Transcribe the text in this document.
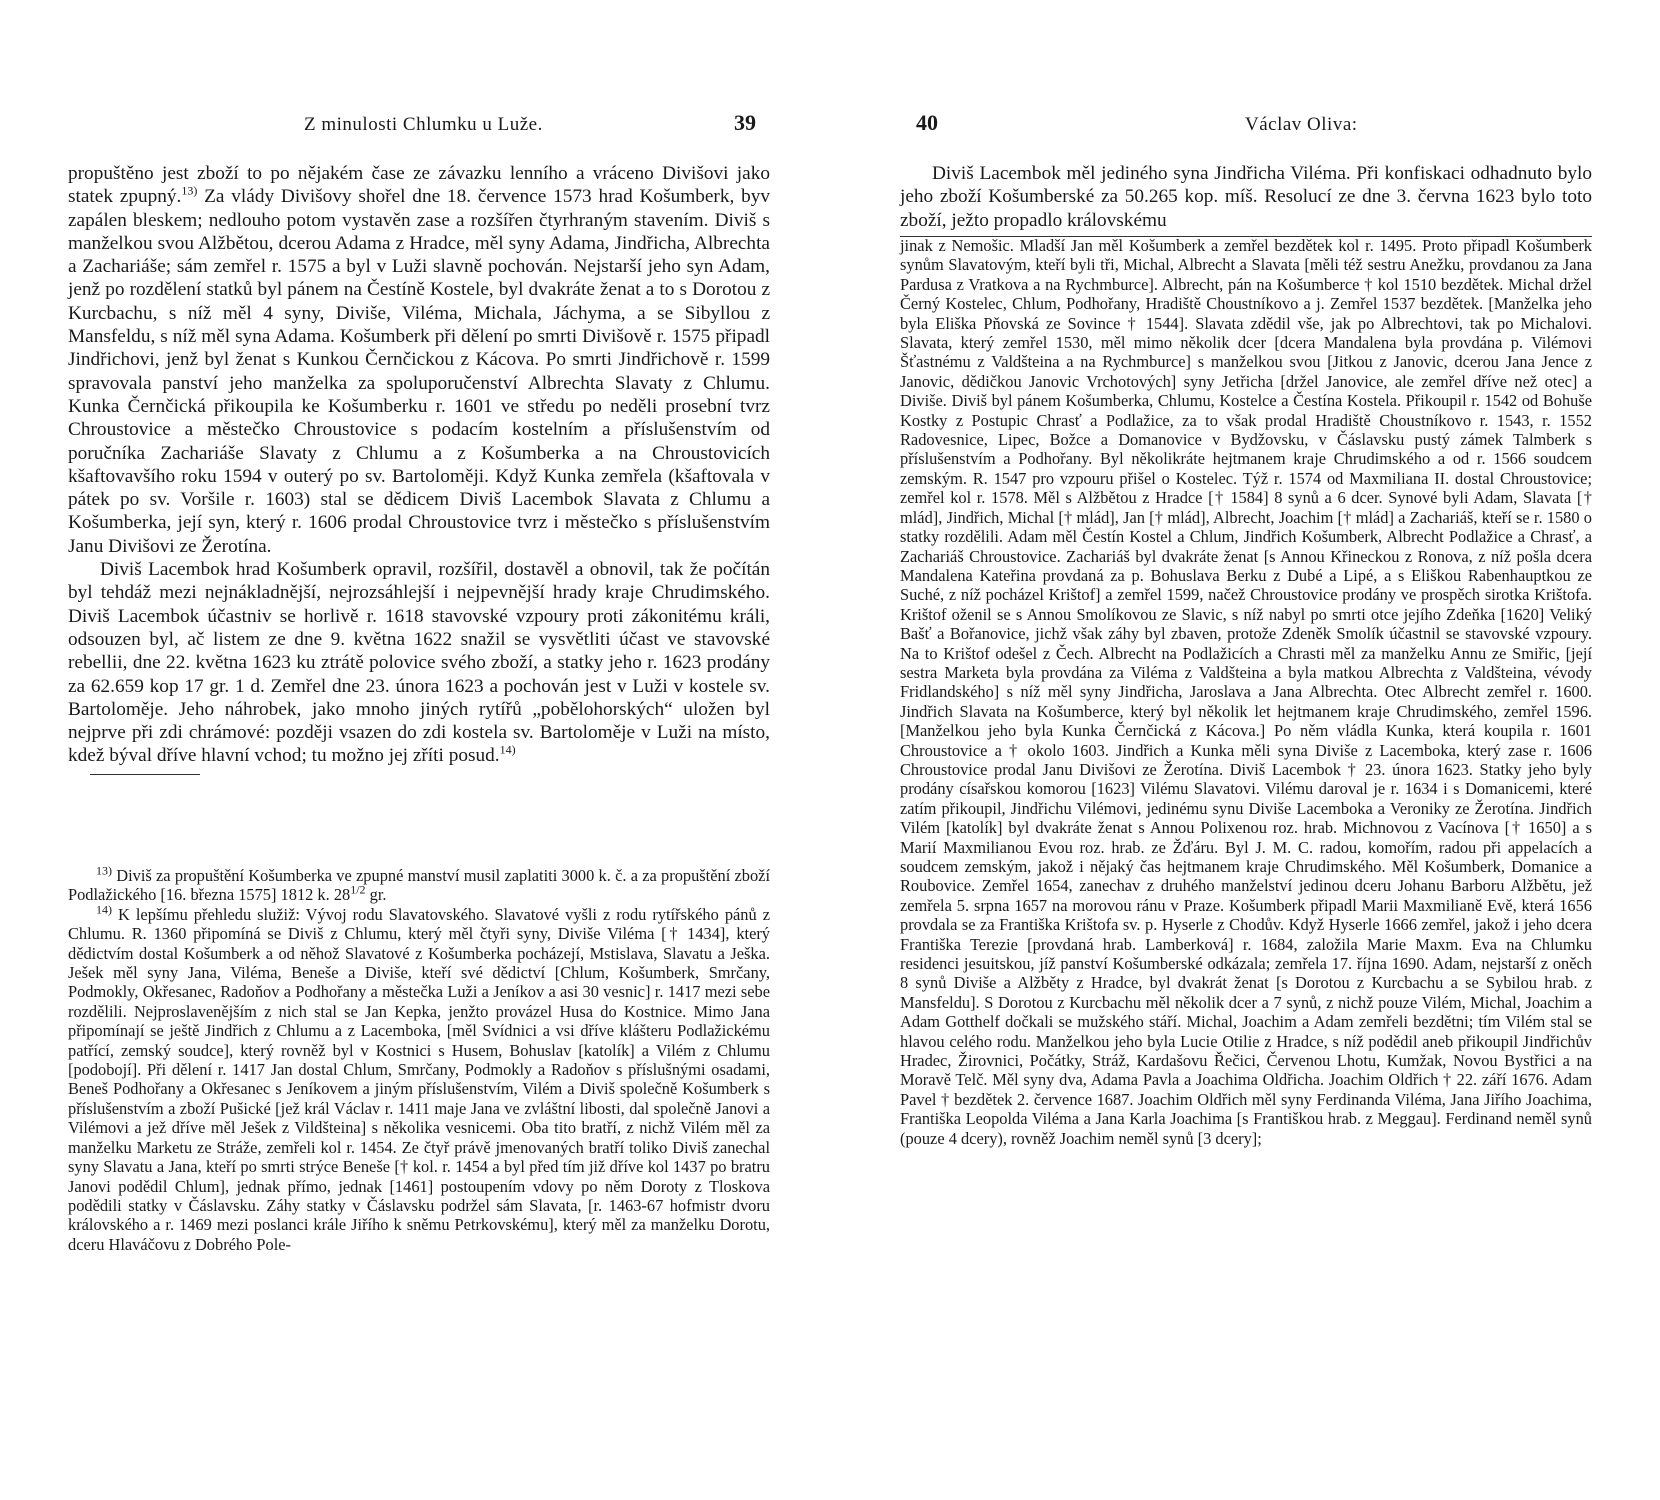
Z minulosti Chlumku u Luže.	39

propuštěno jest zboží to po nějakém čase ze závazku lenního a vráceno Divišovi jako statek zpupný.$^{13)}$ Za vlády Divišovy shořel dne 18. července 1573 hrad Košumberk, byv zapálen bleskem; nedlouho potom vystavěn zase a rozšířen čtyrhraným stavením. Diviš s manželkou svou Alžbětou, dcerou Adama z Hradce, měl syny Adama, Jindřicha, Albrechta a Zachariáše; sám zemřel r. 1575 a byl v Luži slavně pochován. Nejstarší jeho syn Adam, jenž po rozdělení statků byl pánem na Čestíně Kostele, byl dvakráte ženat a to s Dorotou z Kurcbachu, s níž měl 4 syny, Diviše, Viléma, Michala, Jáchyma, a se Sibyllou z Mansfeldu, s níž měl syna Adama. Košumberk při dělení po smrti Divišově r. 1575 připadl Jindřichovi, jenž byl ženat s Kunkou Černčickou z Kácova. Po smrti Jindřichově r. 1599 spravovala panství jeho manželka za spoluporučenství Albrechta Slavaty z Chlumu. Kunka Černčická přikoupila ke Košumberku r. 1601 ve středu po neděli prosební tvrz Chroustovice a městečko Chroustovice s podacím kostelním a příslušenstvím od poručníka Zachariáše Slavaty z Chlumu a z Košumberka a na Chroustovicích kšaftovavšího roku 1594 v outerý po sv. Bartoloměji. Když Kunka zemřela (kšaftovala v pátek po sv. Voršile r. 1603) stal se dědicem Diviš Lacembok Slavata z Chlumu a Košumberka, její syn, který r. 1606 prodal Chroustovice tvrz i městečko s příslušenstvím Janu Divišovi ze Žerotína.

Diviš Lacembok hrad Košumberk opravil, rozšířil, dostavěl a obnovil, tak že počítán byl tehdáž mezi nejnákladnější, nejrozsáhlejší i nejpevnější hrady kraje Chrudimského. Diviš Lacembok účastniv se horlivě r. 1618 stavovské vzpoury proti zákonitému králi, odsouzen byl, ač listem ze dne 9. května 1622 snažil se vysvětliti účast ve stavovské rebellii, dne 22. května 1623 ku ztrátě polovice svého zboží, a statky jeho r. 1623 prodány za 62.659 kop 17 gr. 1 d. Zemřel dne 23. února 1623 a pochován jest v Luži v kostele sv. Bartoloměje. Jeho náhrobek, jako mnoho jiných rytířů „pobělohorských“ uložen byl nejprve při zdi chrámové: později vsazen do zdi kostela sv. Bartoloměje v Luži na místo, kdež býval dříve hlavní vchod; tu možno jej zříti posud.$^{14)}$

$^{13)}$ Diviš za propuštění Košumberka ve zpupné manství musil zaplatiti 3000 k. č. a za propuštění zboží Podlažického [16. března 1575] 1812 k. $28^{1/2}$ gr.

$^{14)}$ K lepšímu přehledu služiž: Vývoj rodu Slavatovského. Slavatové vyšli z rodu rytířského pánů z Chlumu. R. 1360 připomíná se Diviš z Chlumu, který měl čtyři syny, Diviše Viléma [† 1434], který dědictvím dostal Košumberk a od něhož Slavatové z Košumberka pocházejí, Mstislava, Slavatu a Ješka. Ješek měl syny Jana, Viléma, Beneše a Diviše, kteří své dědictví [Chlum, Košumberk, Smrčany, Podmokly, Okřesanec, Radoňov a Podhořany a městečka Luži a Jeníkov a asi 30 vesnic] r. 1417 mezi sebe rozdělili. Nejproslavenějším z nich stal se Jan Kepka, jenžto provázel Husa do Kostnice. Mimo Jana připomínají se ještě Jindřich z Chlumu a z Lacemboka, [měl Svídnici a vsi dříve klášteru Podlažickému patřící, zemský soudce], který rovněž byl v Kostnici s Husem, Bohuslav [katolík] a Vilém z Chlumu [podobojí]. Při dělení r. 1417 Jan dostal Chlum, Smrčany, Podmokly a Radoňov s příslušnými osadami, Beneš Podhořany a Okřesanec s Jeníkovem a jiným příslušenstvím, Vilém a Diviš společně Košumberk s příslušenstvím a zboží Pušické [jež král Václav r. 1411 maje Jana ve zvláštní libosti, dal společně Janovi a Vilémovi a jež dříve měl Ješek z Vildšteina] s několika vesnicemi. Oba tito bratří, z nichž Vilém měl za manželku Marketu ze Stráže, zemřeli kol r. 1454. Ze čtyř právě jmenovaných bratří toliko Diviš zanechal syny Slavatu a Jana, kteří po smrti strýce Beneše [† kol. r. 1454 a byl před tím již dříve kol 1437 po bratru Janovi podědil Chlum], jednak přímo, jednak [1461] postoupením vdovy po něm Doroty z Tloskova podědili statky v Čáslavsku. Záhy statky v Čáslavsku podržel sám Slavata, [r. 1463-67 hofmistr dvoru královského a r. 1469 mezi poslanci krále Jiřího k sněmu Petrkovskému], který měl za manželku Dorotu, dceru Hlaváčovu z Dobrého Pole-

40	Václav Oliva:

Diviš Lacembok měl jediného syna Jindřicha Viléma. Při konfiskaci odhadnuto bylo jeho zboží Košumberské za 50.265 kop. míš. Resolucí ze dne 3. června 1623 bylo toto zboží, ježto propadlo královskému

jinak z Nemošic. Mladší Jan měl Košumberk a zemřel bezdětek kol r. 1495. Proto připadl Košumberk synům Slavatovým, kteří byli tři, Michal, Albrecht a Slavata [měli též sestru Anežku, provdanou za Jana Pardusa z Vratkova a na Rychmburce]. Albrecht, pán na Košumberce † kol 1510 bezdětek. Michal držel Černý Kostelec, Chlum, Podhořany, Hradiště Choustníkovo a j. Zemřel 1537 bezdětek. [Manželka jeho byla Eliška Pňovská ze Sovince † 1544]. Slavata zdědil vše, jak po Albrechtovi, tak po Michalovi. Slavata, který zemřel 1530, měl mimo několik dcer [dcera Mandalena byla provdána p. Vilémovi Šťastnému z Valdšteina a na Rychmburce] s manželkou svou [Jitkou z Janovic, dcerou Jana Jence z Janovic, dědičkou Janovic Vrchotových] syny Jetřicha [držel Janovice, ale zemřel dříve než otec] a Diviše. Diviš byl pánem Košumberka, Chlumu, Kostelce a Čestína Kostela. Přikoupil r. 1542 od Bohuše Kostky z Postupic Chrasť a Podlažice, za to však prodal Hradiště Choustníkovo r. 1543, r. 1552 Radovesnice, Lipec, Božce a Domanovice v Bydžovsku, v Čáslavsku pustý zámek Talmberk s příslušenstvím a Podhořany. Byl několikráte hejtmanem kraje Chrudimského a od r. 1566 soudcem zemským. R. 1547 pro vzpouru přišel o Kostelec. Týž r. 1574 od Maxmiliana II. dostal Chroustovice; zemřel kol r. 1578. Měl s Alžbětou z Hradce [† 1584] 8 synů a 6 dcer. Synové byli Adam, Slavata [† mlád], Jindřich, Michal [† mlád], Jan [† mlád], Albrecht, Joachim [† mlád] a Zachariáš, kteří se r. 1580 o statky rozdělili. Adam měl Čestín Kostel a Chlum, Jindřich Košumberk, Albrecht Podlažice a Chrasť, a Zachariáš Chroustovice. Zachariáš byl dvakráte ženat [s Annou Křineckou z Ronova, z níž pošla dcera Mandalena Kateřina provdaná za p. Bohuslava Berku z Dubé a Lipé, a s Eliškou Rabenhauptkou ze Suché, z níž pocházel Krištof] a zemřel 1599, načež Chroustovice prodány ve prospěch sirotka Krištofa. Krištof oženil se s Annou Smolíkovou ze Slavic, s níž nabyl po smrti otce jejího Zdeňka [1620] Veliký Bašť a Bořanovice, jichž však záhy byl zbaven, protože Zdeněk Smolík účastnil se stavovské vzpoury. Na to Krištof odešel z Čech. Albrecht na Podlažicích a Chrasti měl za manželku Annu ze Smiřic, [její sestra Marketa byla provdána za Viléma z Valdšteina a byla matkou Albrechta z Valdšteina, vévody Fridlandského] s níž měl syny Jindřicha, Jaroslava a Jana Albrechta. Otec Albrecht zemřel r. 1600. Jindřich Slavata na Košumberce, který byl několik let hejtmanem kraje Chrudimského, zemřel 1596. [Manželkou jeho byla Kunka Černčická z Kácova.] Po něm vládla Kunka, která koupila r. 1601 Chroustovice a † okolo 1603. Jindřich a Kunka měli syna Diviše z Lacemboka, který zase r. 1606 Chroustovice prodal Janu Divišovi ze Žerotína. Diviš Lacembok † 23. února 1623. Statky jeho byly prodány císařskou komorou [1623] Vilému Slavatovi. Vilému daroval je r. 1634 i s Domanicemi, které zatím přikoupil, Jindřichu Vilémovi, jedinému synu Diviše Lacemboka a Veroniky ze Žerotína. Jindřich Vilém [katolík] byl dvakráte ženat s Annou Polixenou roz. hrab. Michnovou z Vacínova [† 1650] a s Marií Maxmilianou Evou roz. hrab. ze Žďáru. Byl J. M. C. radou, komořím, radou při appelacích a soudcem zemským, jakož i nějaký čas hejtmanem kraje Chrudimského. Měl Košumberk, Domanice a Roubovice. Zemřel 1654, zanechav z druhého manželství jedinou dceru Johanu Barboru Alžbětu, jež zemřela 5. srpna 1657 na morovou ránu v Praze. Košumberk připadl Marii Maxmilianě Evě, která 1656 provdala se za Františka Krištofa sv. p. Hyserle z Chodův. Když Hyserle 1666 zemřel, jakož i jeho dcera Františka Terezie [provdaná hrab. Lamberková] r. 1684, založila Marie Maxm. Eva na Chlumku residenci jesuitskou, jíž panství Košumberské odkázala; zemřela 17. října 1690. Adam, nejstarší z oněch 8 synů Diviše a Alžběty z Hradce, byl dvakrát ženat [s Dorotou z Kurcbachu a se Sybilou hrab. z Mansfeldu]. S Dorotou z Kurcbachu měl několik dcer a 7 synů, z nichž pouze Vilém, Michal, Joachim a Adam Gotthelf dočkali se mužského stáří. Michal, Joachim a Adam zemřeli bezdětni; tím Vilém stal se hlavou celého rodu. Manželkou jeho byla Lucie Otilie z Hradce, s níž podědil aneb přikoupil Jindřichův Hradec, Žirovnici, Počátky, Stráž, Kardašovu Řečici, Červenou Lhotu, Kumžak, Novou Bystřici a na Moravě Telč. Měl syny dva, Adama Pavla a Joachima Oldřicha. Joachim Oldřich † 22. září 1676. Adam Pavel † bezdětek 2. července 1687. Joachim Oldřich měl syny Ferdinanda Viléma, Jana Jiřího Joachima, Františka Leopolda Viléma a Jana Karla Joachima [s Františkou hrab. z Meggau]. Ferdinand neměl synů (pouze 4 dcery), rovněž Joachim neměl synů [3 dcery];
